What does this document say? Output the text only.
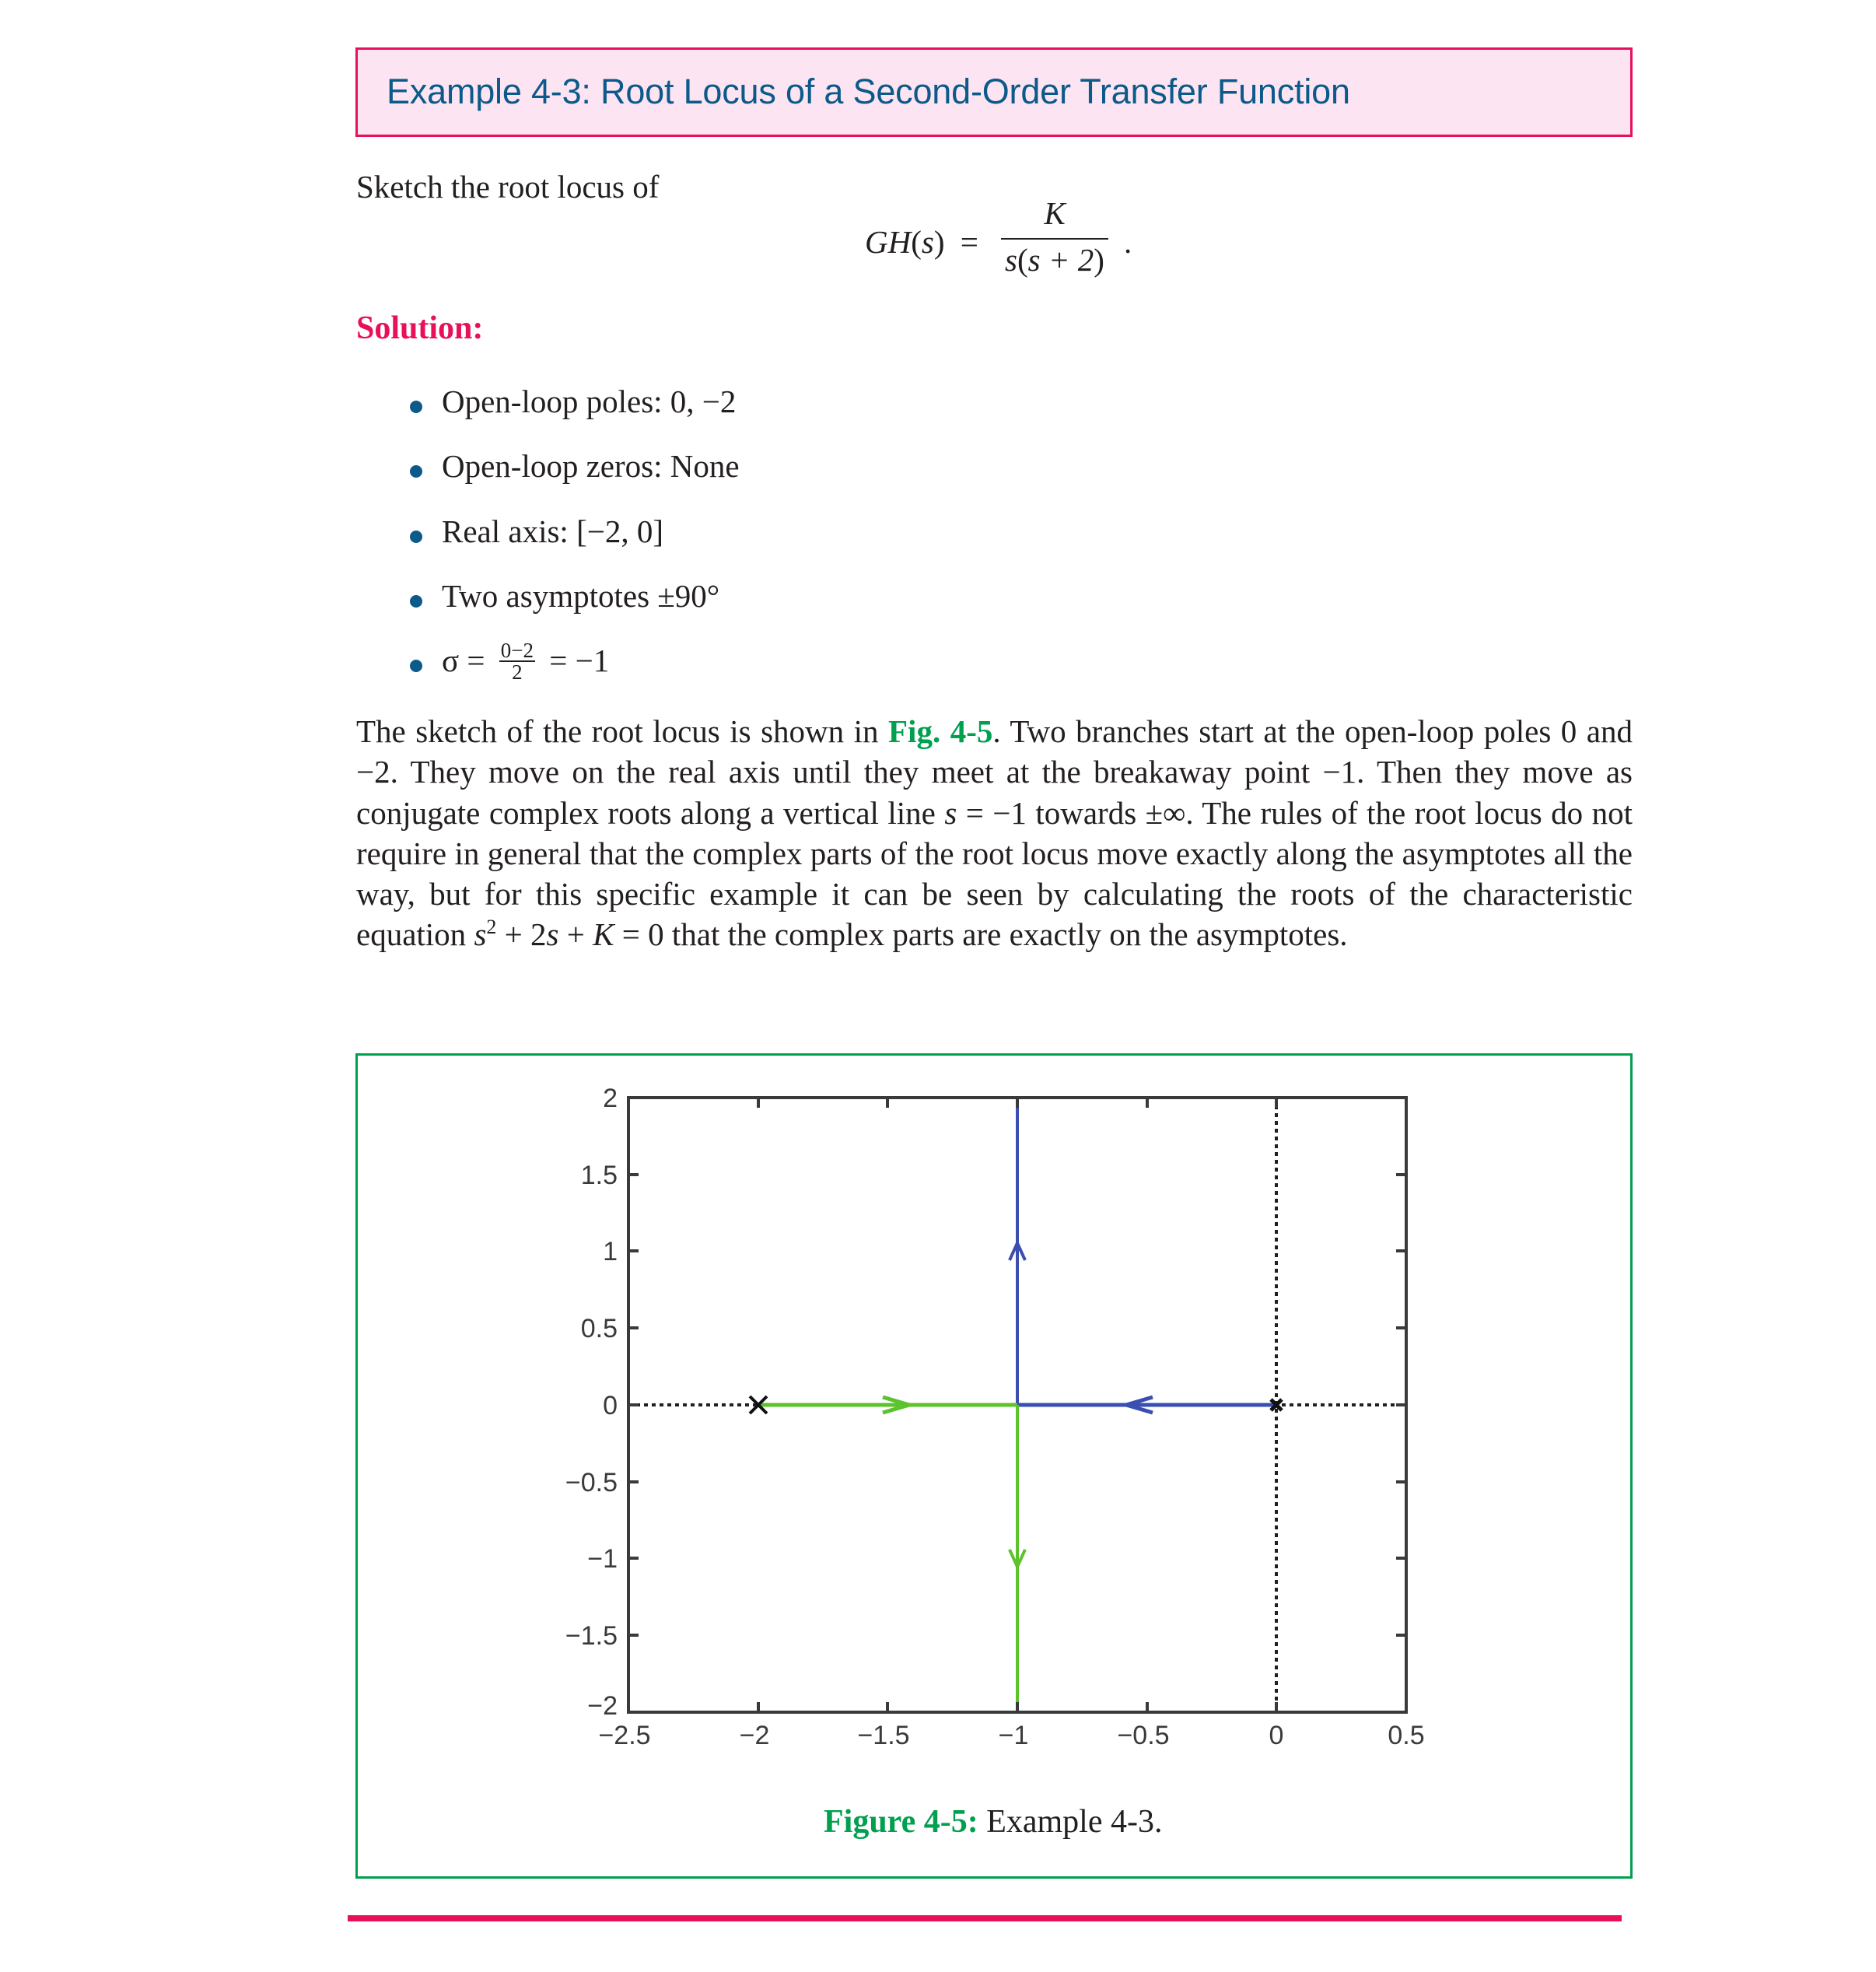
Example 4-3: Root Locus of a Second-Order Transfer Function
Sketch the root locus of
GH(s) =
K
s(s + 2) .
Solution:
Open-loop poles: 0, −2
Open-loop zeros: None
Real axis: [−2, 0]
Two asymptotes ±90°
$\sigma = \frac{0-2}{2} = -1$
The sketch of the root locus is shown in Fig. 4-5. Two branches start at the open-loop poles 0 and −2. They move on the real axis until they meet at the breakaway point −1. Then they move as conjugate complex roots along a vertical line s = −1 towards ±∞. The rules of the root locus do not require in general that the complex parts of the root locus move exactly along the asymptotes all the way, but for this specific example it can be seen by calculating the roots of the characteristic equation $s^2 + 2s + K = 0$ that the complex parts are exactly on the asymptotes.
2
1.5
1
0.5
0
−0.5
−1
−1.5
−2
−2.5	−2	−1.5	−1	−0.5	0	0.5
Figure 4-5: Example 4-3.
